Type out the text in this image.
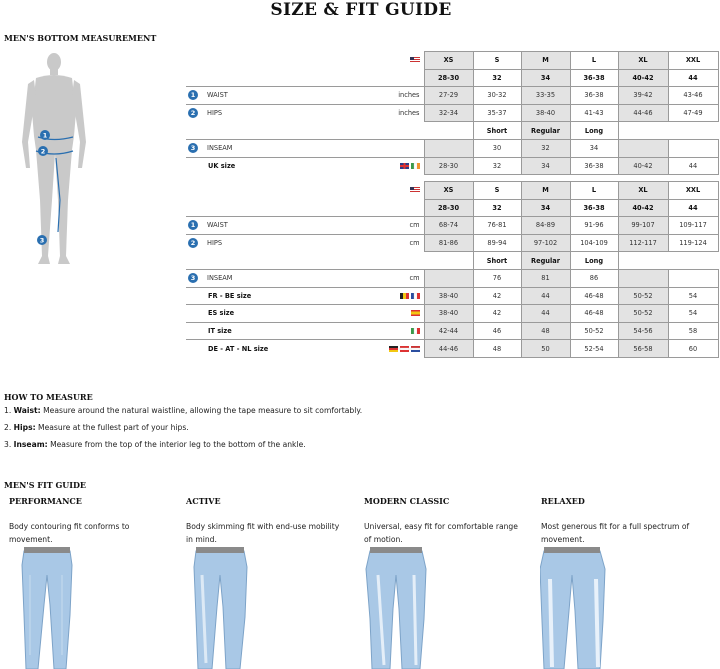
SIZE & FIT GUIDE
MEN'S BOTTOM MEASUREMENT
1
2
3
		XS	S	M	L	XL	XXL
		28-30	32	34	36-38	40-42	44
1 WAIST	inches	27-29	30-32	33-35	36-38	39-42	43-46
2 HIPS	inches	32-34	35-37	38-40	41-43	44-46	47-49
			Short	Regular	Long		
3 INSEAM			30	32	34		
UK size		28-30	32	34	36-38	40-42	44
		XS	S	M	L	XL	XXL
		28-30	32	34	36-38	40-42	44
1 WAIST	cm	68-74	76-81	84-89	91-96	99-107	109-117
2 HIPS	cm	81-86	89-94	97-102	104-109	112-117	119-124
			Short	Regular	Long		
3 INSEAM	cm		76	81	86		
FR - BE size		38-40	42	44	46-48	50-52	54
ES size		38-40	42	44	46-48	50-52	54
IT size		42-44	46	48	50-52	54-56	58
DE - AT - NL size		44-46	48	50	52-54	56-58	60
HOW TO MEASURE
1. Waist: Measure around the natural waistline, allowing the tape measure to sit comfortably.
2. Hips: Measure at the fullest part of your hips.
3. Inseam: Measure from the top of the interior leg to the bottom of the ankle.
MEN'S FIT GUIDE
PERFORMANCE
Body contouring fit conforms to
movement.
ACTIVE
Body skimming fit with end-use mobility
in mind.
MODERN CLASSIC
Universal, easy fit for comfortable range
of motion.
RELAXED
Most generous fit for a full spectrum of
movement.
